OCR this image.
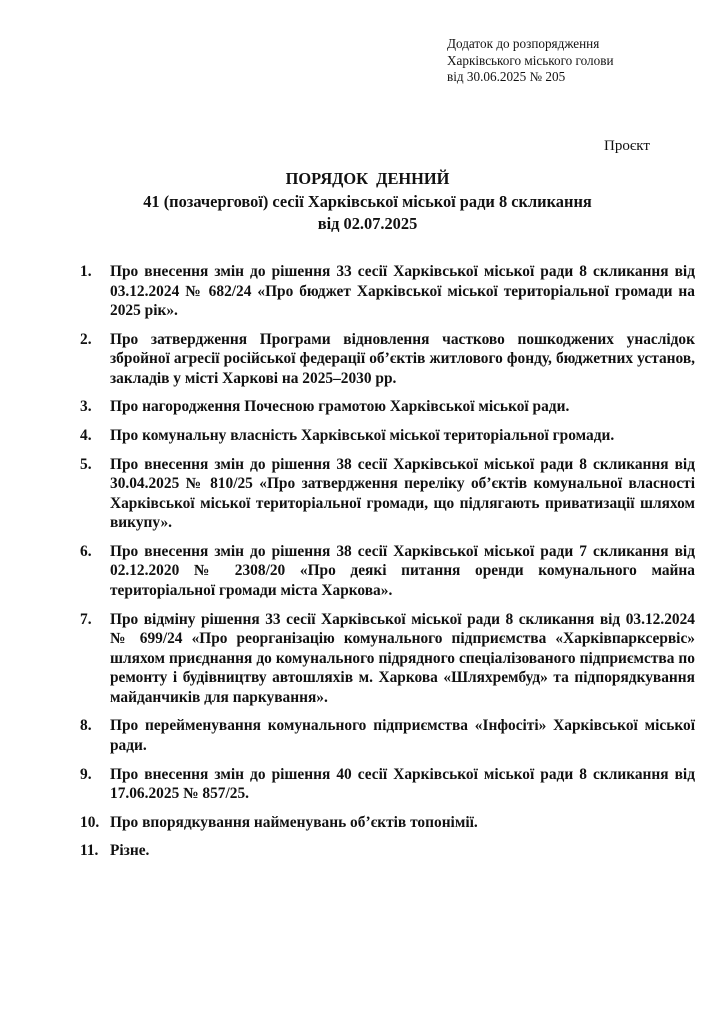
Додаток до розпорядження
Харківського міського голови
від 30.06.2025 № 205
Проєкт
ПОРЯДОК ДЕННИЙ
41 (позачергової) сесії Харківської міської ради 8 скликання
від 02.07.2025
1. Про внесення змін до рішення 33 сесії Харківської міської ради 8 скликання від 03.12.2024 № 682/24 «Про бюджет Харківської міської територіальної громади на 2025 рік».
2. Про затвердження Програми відновлення частково пошкоджених унаслідок збройної агресії російської федерації об’єктів житлового фонду, бюджетних установ, закладів у місті Харкові на 2025–2030 рр.
3. Про нагородження Почесною грамотою Харківської міської ради.
4. Про комунальну власність Харківської міської територіальної громади.
5. Про внесення змін до рішення 38 сесії Харківської міської ради 8 скликання від 30.04.2025 № 810/25 «Про затвердження переліку об’єктів комунальної власності Харківської міської територіальної громади, що підлягають приватизації шляхом викупу».
6. Про внесення змін до рішення 38 сесії Харківської міської ради 7 скликання від 02.12.2020 № 2308/20 «Про деякі питання оренди комунального майна територіальної громади міста Харкова».
7. Про відміну рішення 33 сесії Харківської міської ради 8 скликання від 03.12.2024 № 699/24 «Про реорганізацію комунального підприємства «Харківпарксервіс» шляхом приєднання до комунального підрядного спеціалізованого підприємства по ремонту і будівництву автошляхів м. Харкова «Шляхрембуд» та підпорядкування майданчиків для паркування».
8. Про перейменування комунального підприємства «Інфосіті» Харківської міської ради.
9. Про внесення змін до рішення 40 сесії Харківської міської ради 8 скликання від 17.06.2025 № 857/25.
10. Про впорядкування найменувань об’єктів топонімії.
11. Різне.
